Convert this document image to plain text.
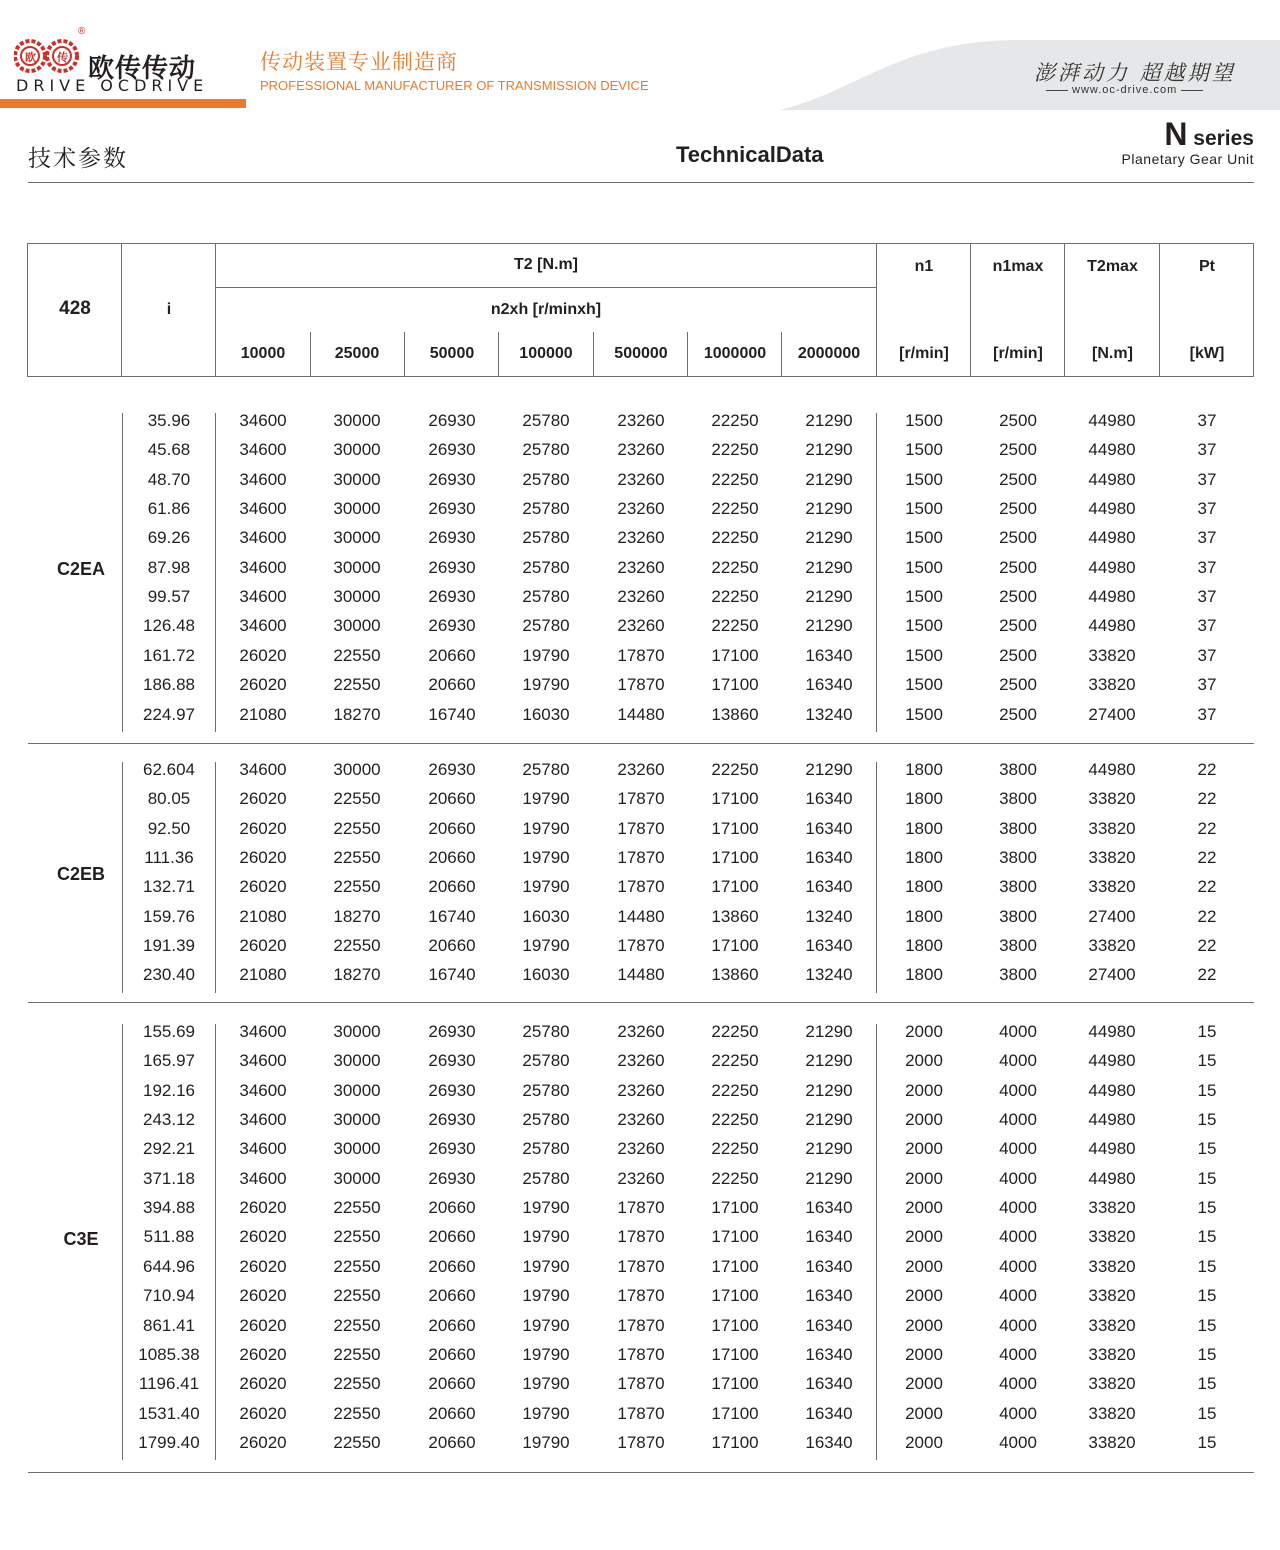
欧 传
®
欧传传动
DRIVE OCDRIVE
传动装置专业制造商
PROFESSIONAL MANUFACTURER OF TRANSMISSION DEVICE
澎湃动力 超越期望
www.oc-drive.com
技术参数	TechnicalData
N series
Planetary Gear Unit
428	i
T2 [N.m]
n2xh [r/minxh]
n1
[r/min]
n1max
[r/min]
T2max
[N.m]
Pt
[kW]
10000	25000	50000	100000	500000	1000000	2000000
C2EA
35.96	34600	30000	26930	25780	23260	22250	21290	1500	2500	44980	37
45.68	34600	30000	26930	25780	23260	22250	21290	1500	2500	44980	37
48.70	34600	30000	26930	25780	23260	22250	21290	1500	2500	44980	37
61.86	34600	30000	26930	25780	23260	22250	21290	1500	2500	44980	37
69.26	34600	30000	26930	25780	23260	22250	21290	1500	2500	44980	37
87.98	34600	30000	26930	25780	23260	22250	21290	1500	2500	44980	37
99.57	34600	30000	26930	25780	23260	22250	21290	1500	2500	44980	37
126.48	34600	30000	26930	25780	23260	22250	21290	1500	2500	44980	37
161.72	26020	22550	20660	19790	17870	17100	16340	1500	2500	33820	37
186.88	26020	22550	20660	19790	17870	17100	16340	1500	2500	33820	37
224.97	21080	18270	16740	16030	14480	13860	13240	1500	2500	27400	37
C2EB
62.604	34600	30000	26930	25780	23260	22250	21290	1800	3800	44980	22
80.05	26020	22550	20660	19790	17870	17100	16340	1800	3800	33820	22
92.50	26020	22550	20660	19790	17870	17100	16340	1800	3800	33820	22
111.36	26020	22550	20660	19790	17870	17100	16340	1800	3800	33820	22
132.71	26020	22550	20660	19790	17870	17100	16340	1800	3800	33820	22
159.76	21080	18270	16740	16030	14480	13860	13240	1800	3800	27400	22
191.39	26020	22550	20660	19790	17870	17100	16340	1800	3800	33820	22
230.40	21080	18270	16740	16030	14480	13860	13240	1800	3800	27400	22
C3E
155.69	34600	30000	26930	25780	23260	22250	21290	2000	4000	44980	15
165.97	34600	30000	26930	25780	23260	22250	21290	2000	4000	44980	15
192.16	34600	30000	26930	25780	23260	22250	21290	2000	4000	44980	15
243.12	34600	30000	26930	25780	23260	22250	21290	2000	4000	44980	15
292.21	34600	30000	26930	25780	23260	22250	21290	2000	4000	44980	15
371.18	34600	30000	26930	25780	23260	22250	21290	2000	4000	44980	15
394.88	26020	22550	20660	19790	17870	17100	16340	2000	4000	33820	15
511.88	26020	22550	20660	19790	17870	17100	16340	2000	4000	33820	15
644.96	26020	22550	20660	19790	17870	17100	16340	2000	4000	33820	15
710.94	26020	22550	20660	19790	17870	17100	16340	2000	4000	33820	15
861.41	26020	22550	20660	19790	17870	17100	16340	2000	4000	33820	15
1085.38	26020	22550	20660	19790	17870	17100	16340	2000	4000	33820	15
1196.41	26020	22550	20660	19790	17870	17100	16340	2000	4000	33820	15
1531.40	26020	22550	20660	19790	17870	17100	16340	2000	4000	33820	15
1799.40	26020	22550	20660	19790	17870	17100	16340	2000	4000	33820	15
